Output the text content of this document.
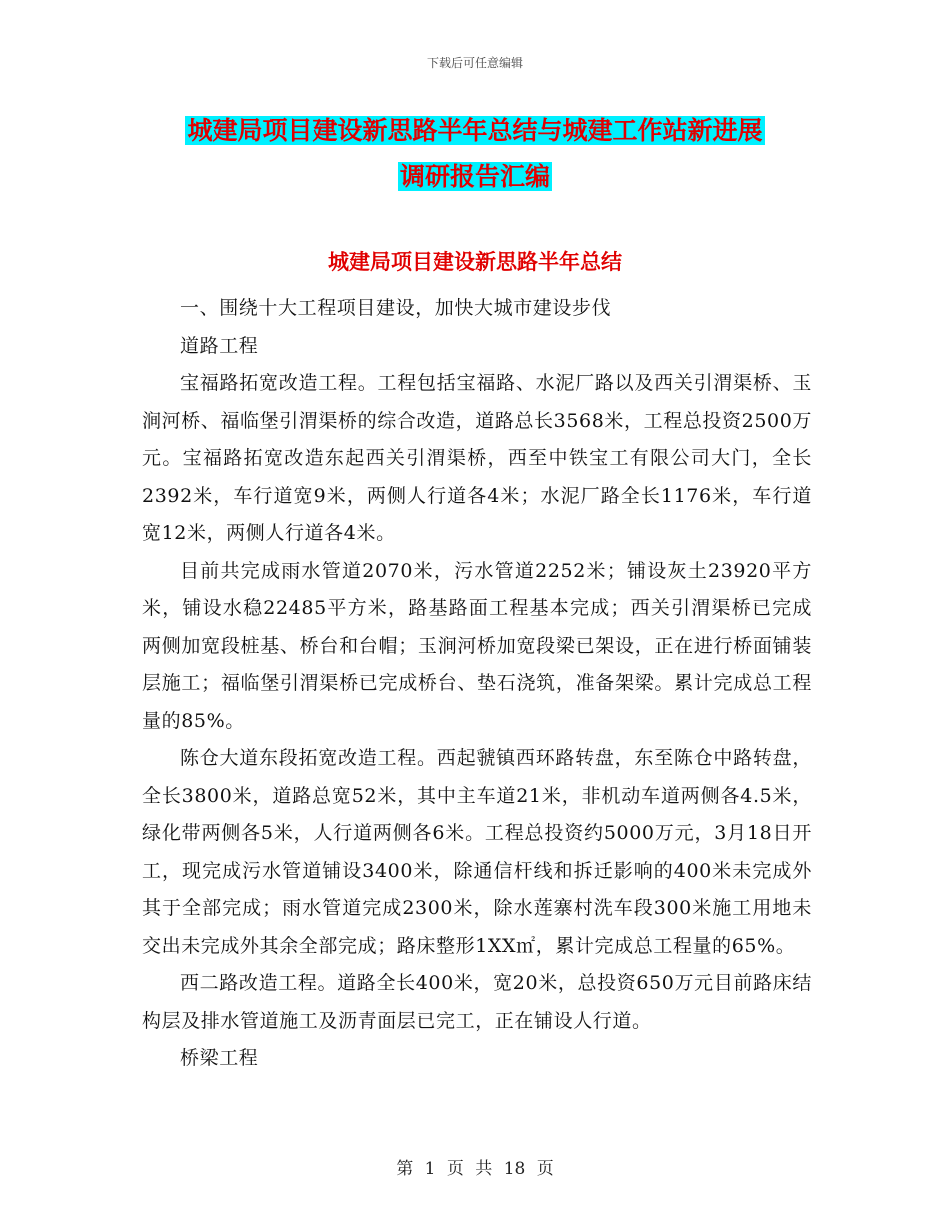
下载后可任意编辑
城建局项目建设新思路半年总结与城建工作站新进展
调研报告汇编
城建局项目建设新思路半年总结

一、围绕十大工程项目建设，加快大城市建设步伐

道路工程

宝福路拓宽改造工程。工程包括宝福路、水泥厂路以及西关引渭渠桥、玉涧河桥、福临堡引渭渠桥的综合改造，道路总长3568米，工程总投资2500万元。宝福路拓宽改造东起西关引渭渠桥，西至中铁宝工有限公司大门，全长2392米，车行道宽9米，两侧人行道各4米；水泥厂路全长1176米，车行道宽12米，两侧人行道各4米。

目前共完成雨水管道2070米，污水管道2252米；铺设灰土23920平方米，铺设水稳22485平方米，路基路面工程基本完成；西关引渭渠桥已完成两侧加宽段桩基、桥台和台帽；玉涧河桥加宽段梁已架设，正在进行桥面铺装层施工；福临堡引渭渠桥已完成桥台、垫石浇筑，准备架梁。累计完成总工程量的85%。

陈仓大道东段拓宽改造工程。西起虢镇西环路转盘，东至陈仓中路转盘，全长3800米，道路总宽52米，其中主车道21米，非机动车道两侧各4.5米，绿化带两侧各5米，人行道两侧各6米。工程总投资约5000万元，3月18日开工，现完成污水管道铺设3400米，除通信杆线和拆迁影响的400米未完成外其于全部完成；雨水管道完成2300米，除水莲寨村洗车段300米施工用地未交出未完成外其余全部完成；路床整形1XX㎡，累计完成总工程量的65%。

西二路改造工程。道路全长400米，宽20米，总投资650万元目前路床结构层及排水管道施工及沥青面层已完工，正在铺设人行道。

桥梁工程

第 1 页 共 18 页
